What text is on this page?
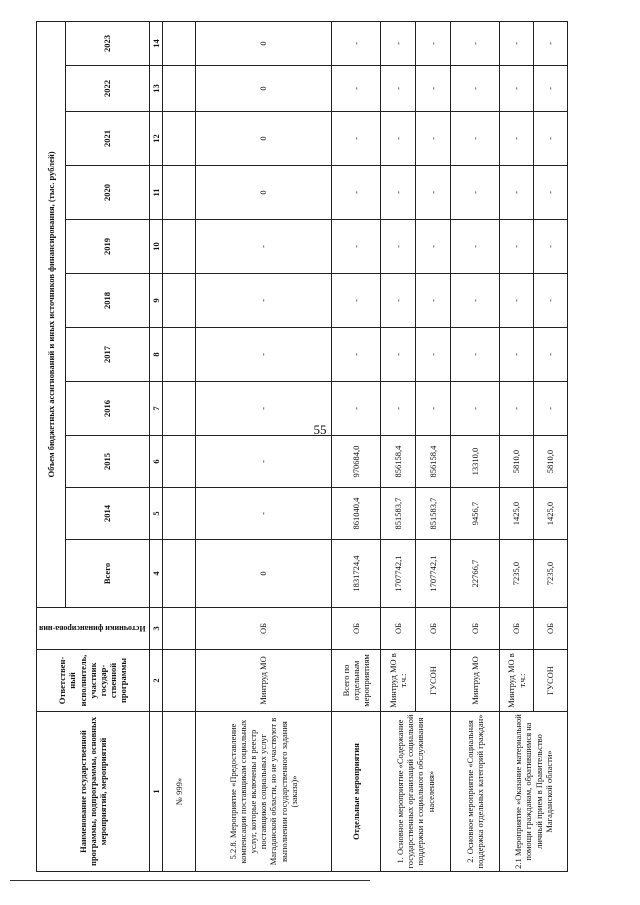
55
Наименование государственной программы, подпрограммы, основных мероприятий, мероприятий	Ответствен-ный исполнитель, участник государ-ственной программы	Источники финансирова-ния	Объем бюджетных ассигнований и иных источников финансирования, (тыс. рублей)										
			Всего	2014	2015	2016	2017	2018	2019	2020	2021	2022	2023
1	2	3	4	5	6	7	8	9	10	11	12	13	14
№ 999»													
5.2.8. Мероприятие «Предоставление компенсации поставщикам социальных услуг, которые включены в реестр поставщиков социальных услуг Магаданской области, но не участвуют в выполнении государственного задания (заказа)»	Минтруд МО	ОБ	0	-	-	-	-	-	-	0	0	0	0
Отдельные мероприятия	Всего по отдельным мероприятиям	ОБ	1831724,4	861040,4	970684,0	-	-	-	-	-	-	-	-
1. Основное мероприятие «Содержание государственных организаций социальной поддержки и социального обслуживания населения»	Минтруд МО в т.ч.:	ОБ	1707742,1	851583,7	856158,4	-	-	-	-	-	-	-	-
	ГУСОН	ОБ	1707742,1	851583,7	856158,4	-	-	-	-	-	-	-	-
2. Основное мероприятие «Социальная поддержка отдельных категорий граждан»	Минтруд МО	ОБ	22766,7	9456,7	13310,0	-	-	-	-	-	-	-	-
2.1 Мероприятие «Оказание материальной помощи гражданам, обратившимся на личный прием в Правительство Магаданской области»	Минтруд МО в т.ч.:	ОБ	7235,0	1425,0	5810,0	-	-	-	-	-	-	-	-
	ГУСОН	ОБ	7235,0	1425,0	5810,0	-	-	-	-	-	-	-	-
